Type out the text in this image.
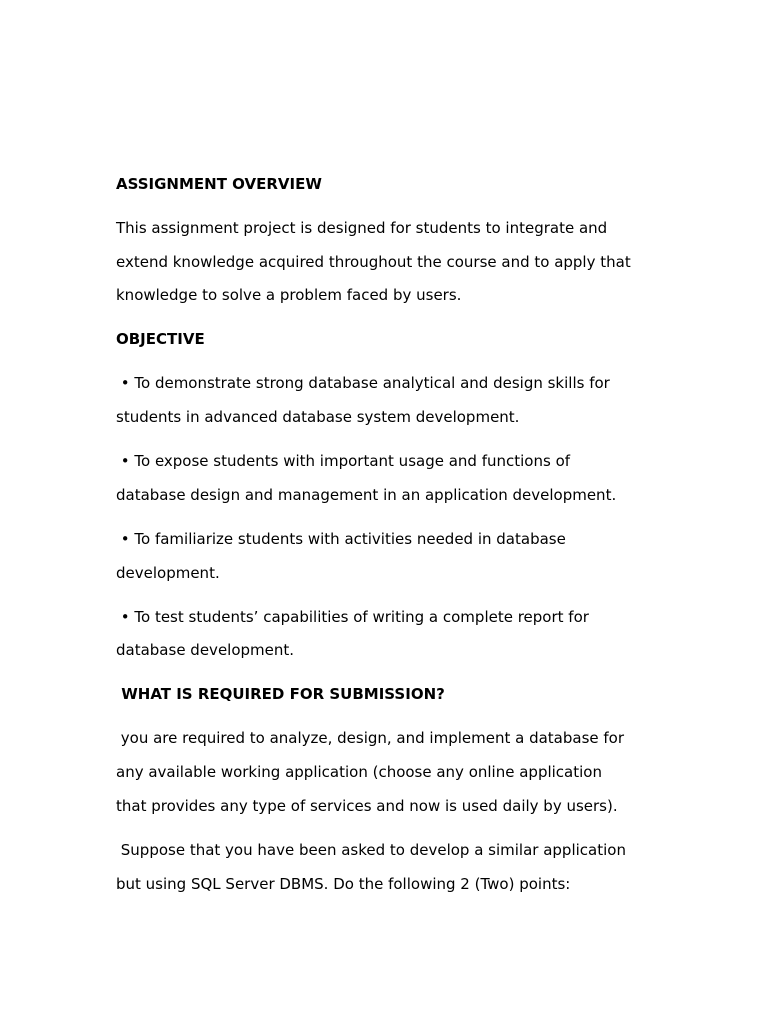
ASSIGNMENT OVERVIEW
This assignment project is designed for students to integrate and
extend knowledge acquired throughout the course and to apply that
knowledge to solve a problem faced by users.
OBJECTIVE
• To demonstrate strong database analytical and design skills for
students in advanced database system development.
• To expose students with important usage and functions of
database design and management in an application development.
• To familiarize students with activities needed in database
development.
• To test students’ capabilities of writing a complete report for
database development.
WHAT IS REQUIRED FOR SUBMISSION?
you are required to analyze, design, and implement a database for
any available working application (choose any online application
that provides any type of services and now is used daily by users).
Suppose that you have been asked to develop a similar application
but using SQL Server DBMS. Do the following 2 (Two) points:
